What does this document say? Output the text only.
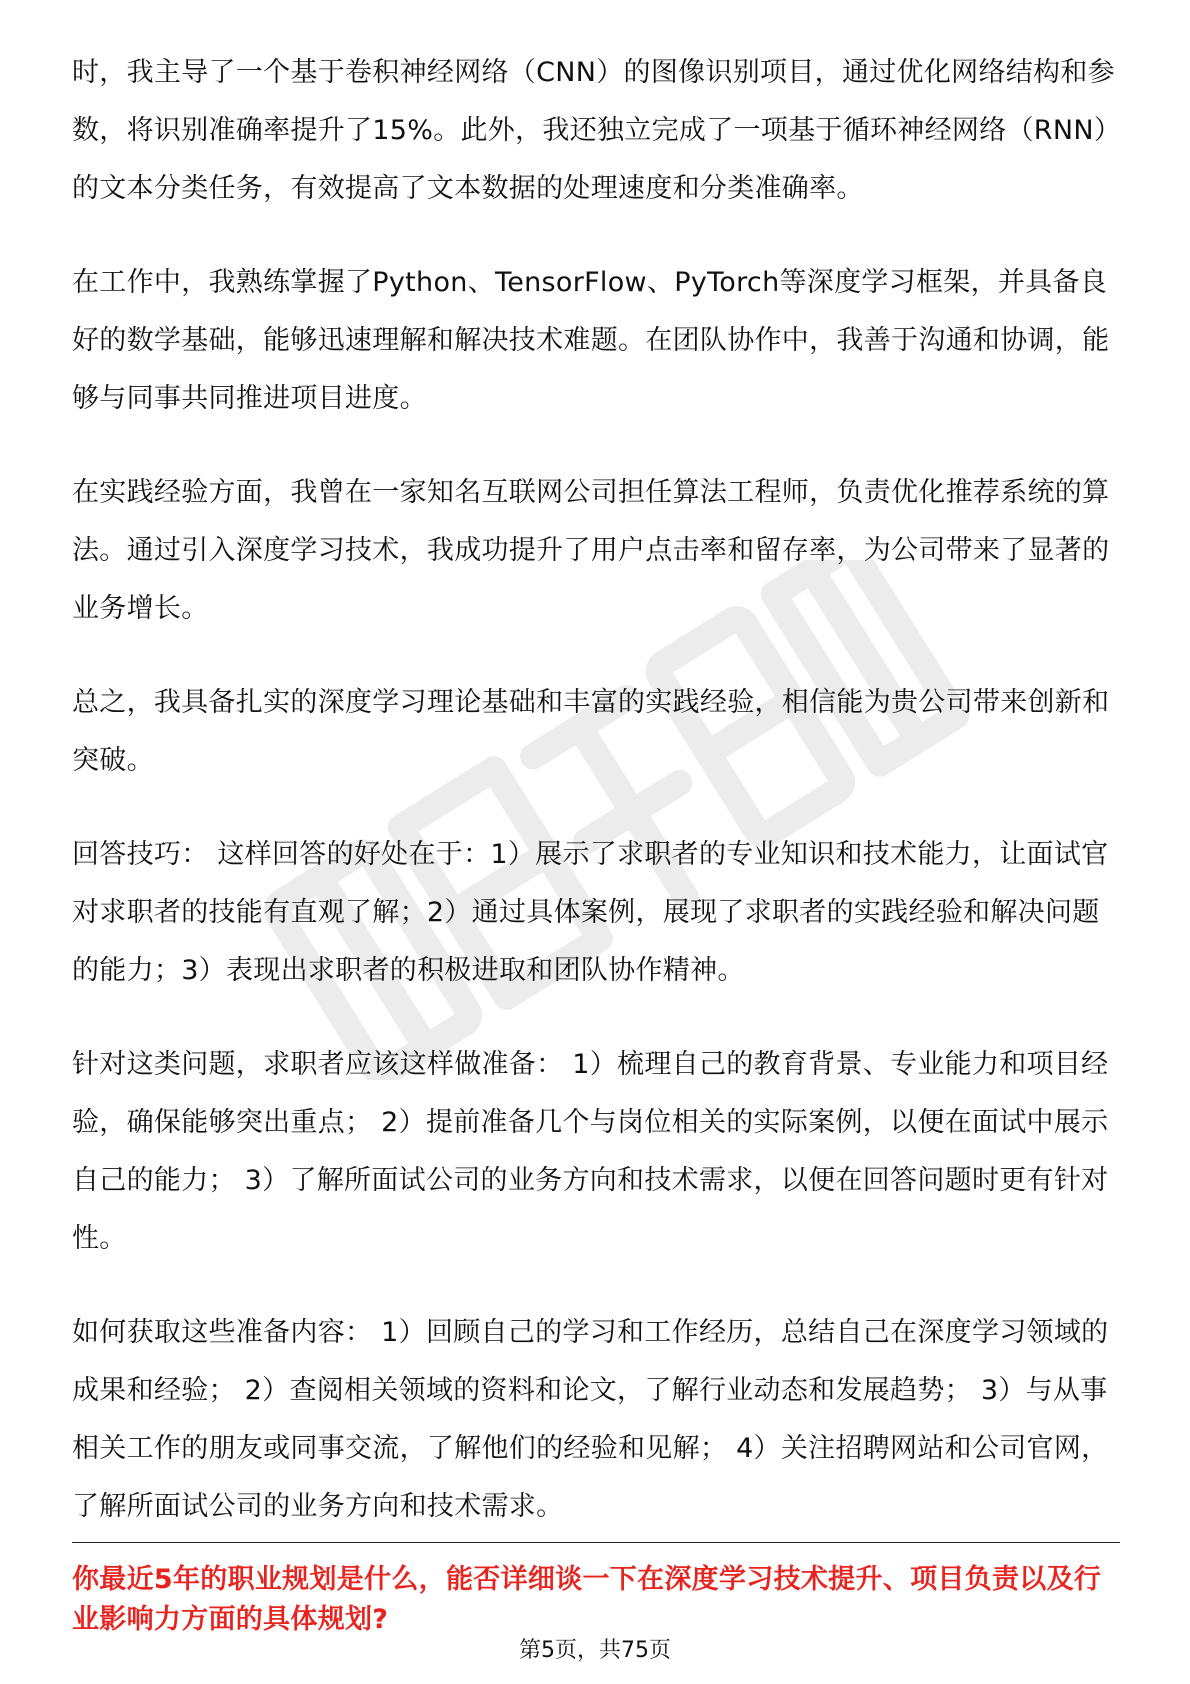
时，我主导了一个基于卷积神经网络（CNN）的图像识别项目，通过优化网络结构和参数，将识别准确率提升了15%。此外，我还独立完成了一项基于循环神经网络（RNN）的文本分类任务，有效提高了文本数据的处理速度和分类准确率。

在工作中，我熟练掌握了Python、TensorFlow、PyTorch等深度学习框架，并具备良好的数学基础，能够迅速理解和解决技术难题。在团队协作中，我善于沟通和协调，能够与同事共同推进项目进度。

在实践经验方面，我曾在一家知名互联网公司担任算法工程师，负责优化推荐系统的算法。通过引入深度学习技术，我成功提升了用户点击率和留存率，为公司带来了显著的业务增长。

总之，我具备扎实的深度学习理论基础和丰富的实践经验，相信能为贵公司带来创新和突破。

回答技巧： 这样回答的好处在于：1）展示了求职者的专业知识和技术能力，让面试官对求职者的技能有直观了解；2）通过具体案例，展现了求职者的实践经验和解决问题的能力；3）表现出求职者的积极进取和团队协作精神。

针对这类问题，求职者应该这样做准备： 1）梳理自己的教育背景、专业能力和项目经验，确保能够突出重点； 2）提前准备几个与岗位相关的实际案例，以便在面试中展示自己的能力； 3）了解所面试公司的业务方向和技术需求，以便在回答问题时更有针对性。

如何获取这些准备内容： 1）回顾自己的学习和工作经历，总结自己在深度学习领域的成果和经验； 2）查阅相关领域的资料和论文，了解行业动态和发展趋势； 3）与从事相关工作的朋友或同事交流，了解他们的经验和见解； 4）关注招聘网站和公司官网，了解所面试公司的业务方向和技术需求。

你最近5年的职业规划是什么，能否详细谈一下在深度学习技术提升、项目负责以及行业影响力方面的具体规划?

第5页，共75页
